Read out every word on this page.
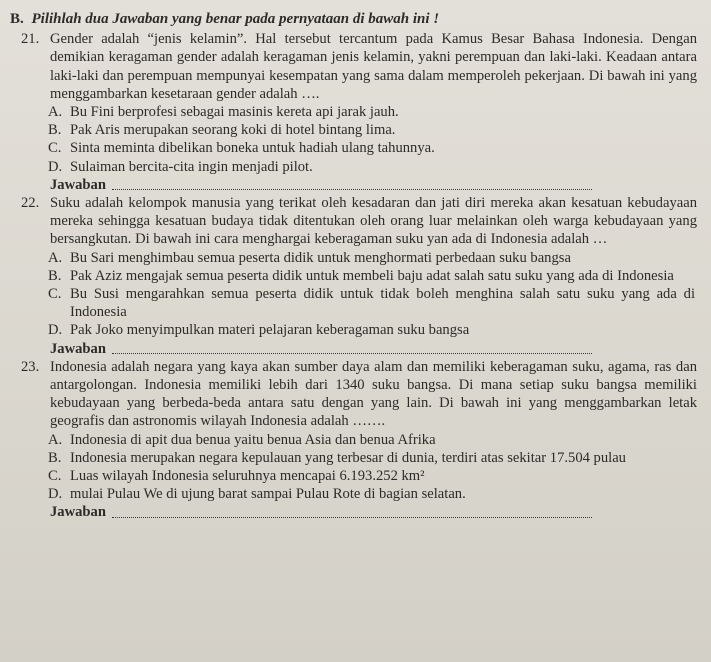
B. Pilihlah dua Jawaban yang benar pada pernyataan di bawah ini !
21. Gender adalah “jenis kelamin”. Hal tersebut tercantum pada Kamus Besar Bahasa Indonesia. Dengan demikian keragaman gender adalah keragaman jenis kelamin, yakni perempuan dan laki-laki. Keadaan antara laki-laki dan perempuan mempunyai kesempatan yang sama dalam memperoleh pekerjaan. Di bawah ini yang menggambarkan kesetaraan gender adalah ….
A. Bu Fini berprofesi sebagai masinis kereta api jarak jauh.
B. Pak Aris merupakan seorang koki di hotel bintang lima.
C. Sinta meminta dibelikan boneka untuk hadiah ulang tahunnya.
D. Sulaiman bercita-cita ingin menjadi pilot.
Jawaban
22. Suku adalah kelompok manusia yang terikat oleh kesadaran dan jati diri mereka akan kesatuan kebudayaan mereka sehingga kesatuan budaya tidak ditentukan oleh orang luar melainkan oleh warga kebudayaan yang bersangkutan. Di bawah ini cara menghargai keberagaman suku yan ada di Indonesia adalah …
A. Bu Sari menghimbau semua peserta didik untuk menghormati perbedaan suku bangsa
B. Pak Aziz mengajak semua peserta didik untuk membeli baju adat salah satu suku yang ada di Indonesia
C. Bu Susi mengarahkan semua peserta didik untuk tidak boleh menghina salah satu suku yang ada di Indonesia
D. Pak Joko menyimpulkan materi pelajaran keberagaman suku bangsa
Jawaban
23. Indonesia adalah negara yang kaya akan sumber daya alam dan memiliki keberagaman suku, agama, ras dan antargolongan. Indonesia memiliki lebih dari 1340 suku bangsa. Di mana setiap suku bangsa memiliki kebudayaan yang berbeda-beda antara satu dengan yang lain. Di bawah ini yang menggambarkan letak geografis dan astronomis wilayah Indonesia adalah …….
A. Indonesia di apit dua benua yaitu benua Asia dan benua Afrika
B. Indonesia merupakan negara kepulauan yang terbesar di dunia, terdiri atas sekitar 17.504 pulau
C. Luas wilayah Indonesia seluruhnya mencapai 6.193.252 km²
D. mulai Pulau We di ujung barat sampai Pulau Rote di bagian selatan.
Jawaban
